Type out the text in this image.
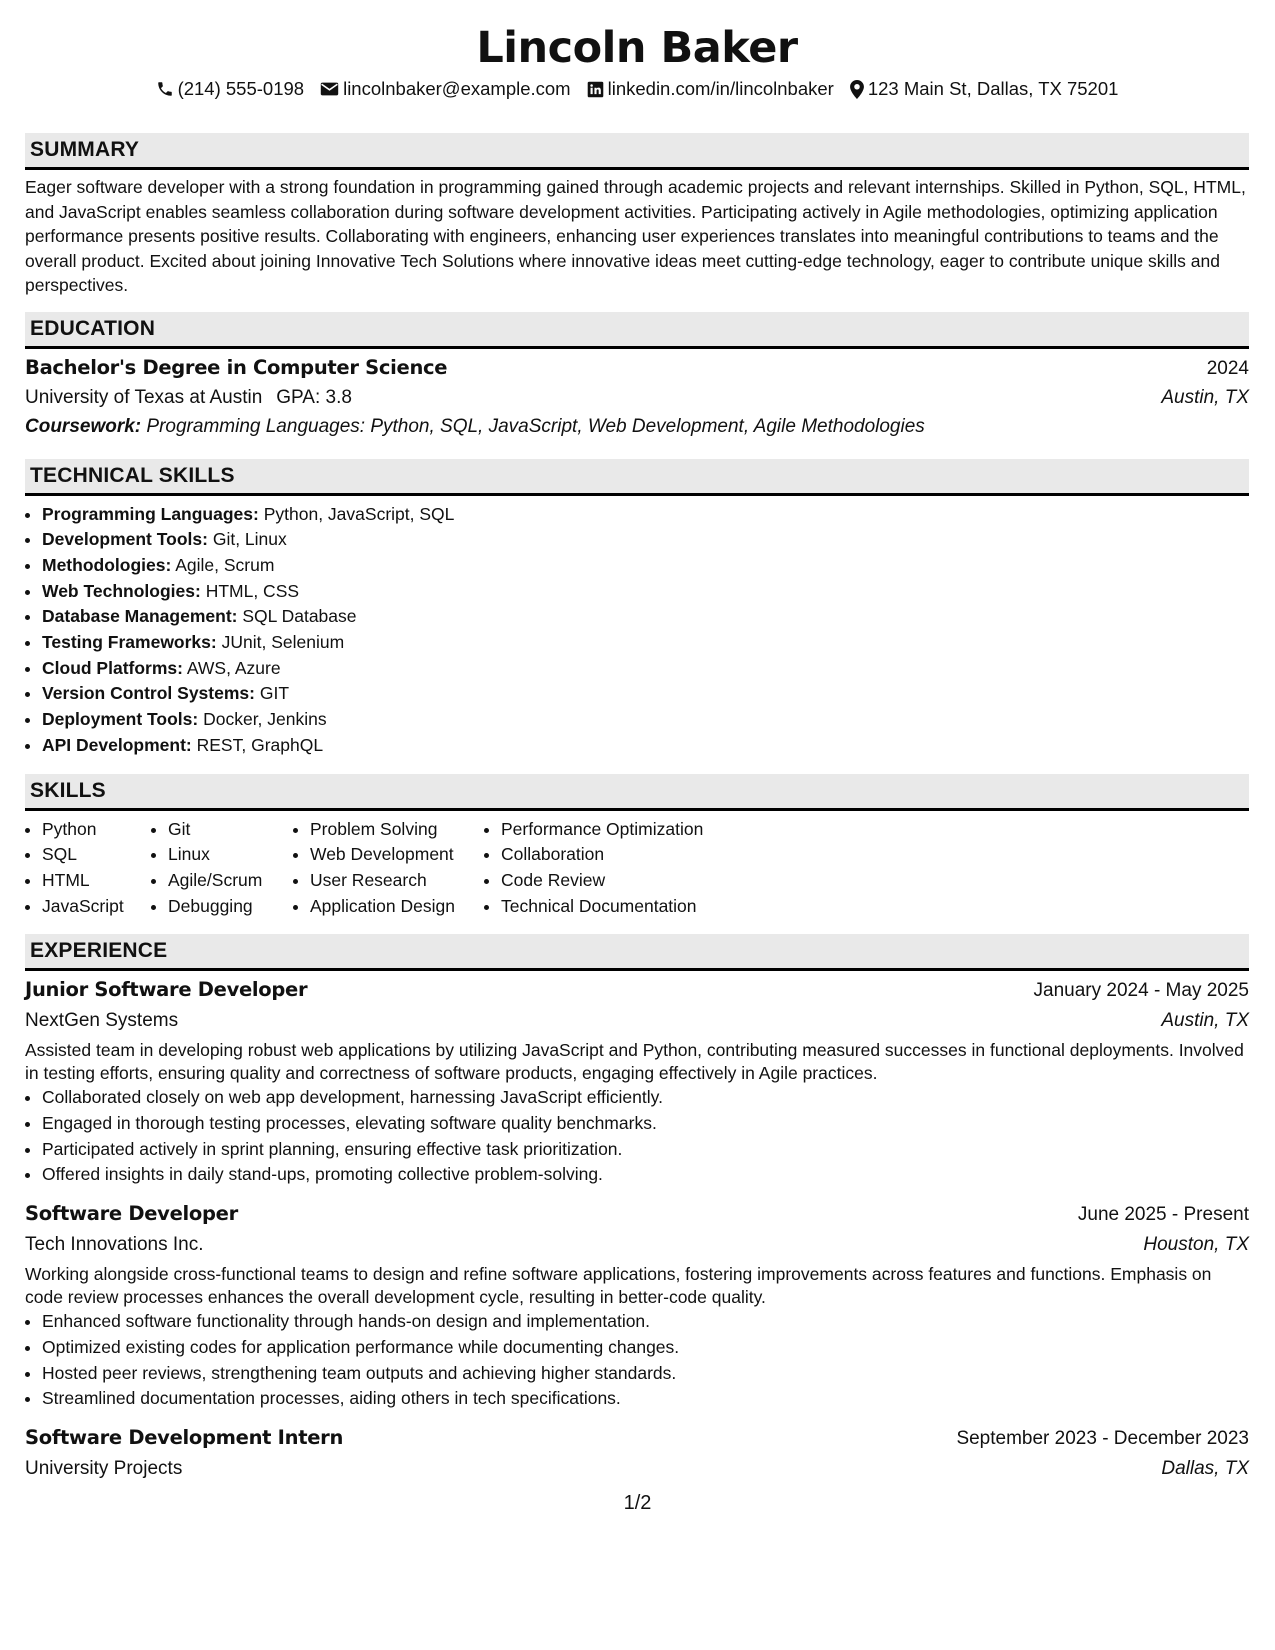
Lincoln Baker
(214) 555-0198 lincolnbaker@example.com linkedin.com/in/lincolnbaker 123 Main St, Dallas, TX 75201
SUMMARY

Eager software developer with a strong foundation in programming gained through academic projects and relevant internships. Skilled in Python, SQL, HTML, and JavaScript enables seamless collaboration during software development activities. Participating actively in Agile methodologies, optimizing application performance presents positive results. Collaborating with engineers, enhancing user experiences translates into meaningful contributions to teams and the overall product. Excited about joining Innovative Tech Solutions where innovative ideas meet cutting-edge technology, eager to contribute unique skills and perspectives.

EDUCATION
Bachelor's Degree in Computer Science	2024
University of Texas at Austin GPA: 3.8	Austin, TX
Coursework: Programming Languages: Python, SQL, JavaScript, Web Development, Agile Methodologies
TECHNICAL SKILLS
• Programming Languages: Python, JavaScript, SQL
• Development Tools: Git, Linux
• Methodologies: Agile, Scrum
• Web Technologies: HTML, CSS
• Database Management: SQL Database
• Testing Frameworks: JUnit, Selenium
• Cloud Platforms: AWS, Azure
• Version Control Systems: GIT
• Deployment Tools: Docker, Jenkins
• API Development: REST, GraphQL
SKILLS
• Python
• SQL
• HTML
• JavaScript
• Git
• Linux
• Agile/Scrum
• Debugging
• Problem Solving
• Web Development
• User Research
• Application Design
• Performance Optimization
• Collaboration
• Code Review
• Technical Documentation
EXPERIENCE
Junior Software Developer	January 2024 - May 2025
NextGen Systems	Austin, TX

Assisted team in developing robust web applications by utilizing JavaScript and Python, contributing measured successes in functional deployments. Involved in testing efforts, ensuring quality and correctness of software products, engaging effectively in Agile practices.

• Collaborated closely on web app development, harnessing JavaScript efficiently.
• Engaged in thorough testing processes, elevating software quality benchmarks.
• Participated actively in sprint planning, ensuring effective task prioritization.
• Offered insights in daily stand-ups, promoting collective problem-solving.
Software Developer	June 2025 - Present
Tech Innovations Inc.	Houston, TX

Working alongside cross-functional teams to design and refine software applications, fostering improvements across features and functions. Emphasis on code review processes enhances the overall development cycle, resulting in better-code quality.

• Enhanced software functionality through hands-on design and implementation.
• Optimized existing codes for application performance while documenting changes.
• Hosted peer reviews, strengthening team outputs and achieving higher standards.
• Streamlined documentation processes, aiding others in tech specifications.
Software Development Intern	September 2023 - December 2023
University Projects	Dallas, TX
1/2
